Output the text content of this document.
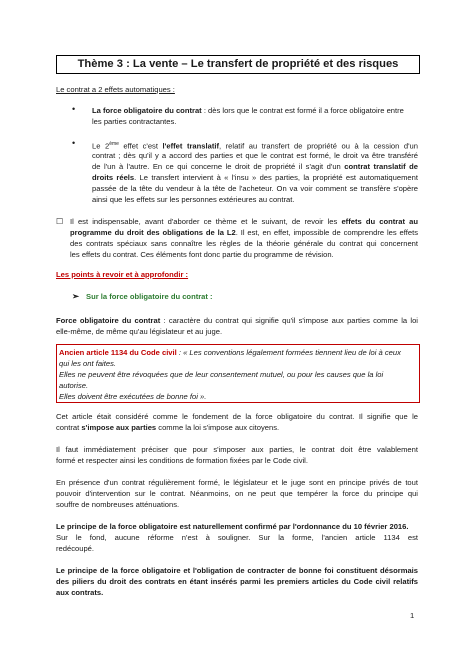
Thème 3 : La vente – Le transfert de propriété et des risques
Le contrat a 2 effets automatiques :
• La force obligatoire du contrat : dès lors que le contrat est formé il a force obligatoire entre
les parties contractantes.
• Le 2ème effet c'est l'effet translatif, relatif au transfert de propriété ou à la cession d'un
contrat ; dès qu'il y a accord des parties et que le contrat est formé, le droit va être transféré
de l'un à l'autre. En ce qui concerne le droit de propriété il s'agit d'un contrat translatif de
droits réels. Le transfert intervient à « l'insu » des parties, la propriété est automatiquement
passée de la tête du vendeur à la tête de l'acheteur. On va voir comment se transfère s'opère
ainsi que les effets sur les personnes extérieures au contrat.
☐ Il est indispensable, avant d'aborder ce thème et le suivant, de revoir les effets du contrat au
programme du droit des obligations de la L2. Il est, en effet, impossible de comprendre les effets
des contrats spéciaux sans connaître les règles de la théorie générale du contrat qui concernent
les effets du contrat. Ces éléments font donc partie du programme de révision.
Les points à revoir et à approfondir :
➢ Sur la force obligatoire du contrat :
Force obligatoire du contrat : caractère du contrat qui signifie qu'il s'impose aux parties comme la loi
elle-même, de même qu'au législateur et au juge.
Ancien article 1134 du Code civil : « Les conventions légalement formées tiennent lieu de loi à ceux
qui les ont faites.
Elles ne peuvent être révoquées que de leur consentement mutuel, ou pour les causes que la loi
autorise.
Elles doivent être exécutées de bonne foi ».
Cet article était considéré comme le fondement de la force obligatoire du contrat. Il signifie que le
contrat s'impose aux parties comme la loi s'impose aux citoyens.
Il faut immédiatement préciser que pour s'imposer aux parties, le contrat doit être valablement
formé et respecter ainsi les conditions de formation fixées par le Code civil.
En présence d'un contrat régulièrement formé, le législateur et le juge sont en principe privés de tout
pouvoir d'intervention sur le contrat. Néanmoins, on ne peut que tempérer la force du principe qui
souffre de nombreuses atténuations.
Le principe de la force obligatoire est naturellement confirmé par l'ordonnance du 10 février 2016.
Sur le fond, aucune réforme n'est à souligner. Sur la forme, l'ancien article 1134 est
redécoupé.
Le principe de la force obligatoire et l'obligation de contracter de bonne foi constituent désormais
des piliers du droit des contrats en étant insérés parmi les premiers articles du Code civil relatifs
aux contrats.
1
